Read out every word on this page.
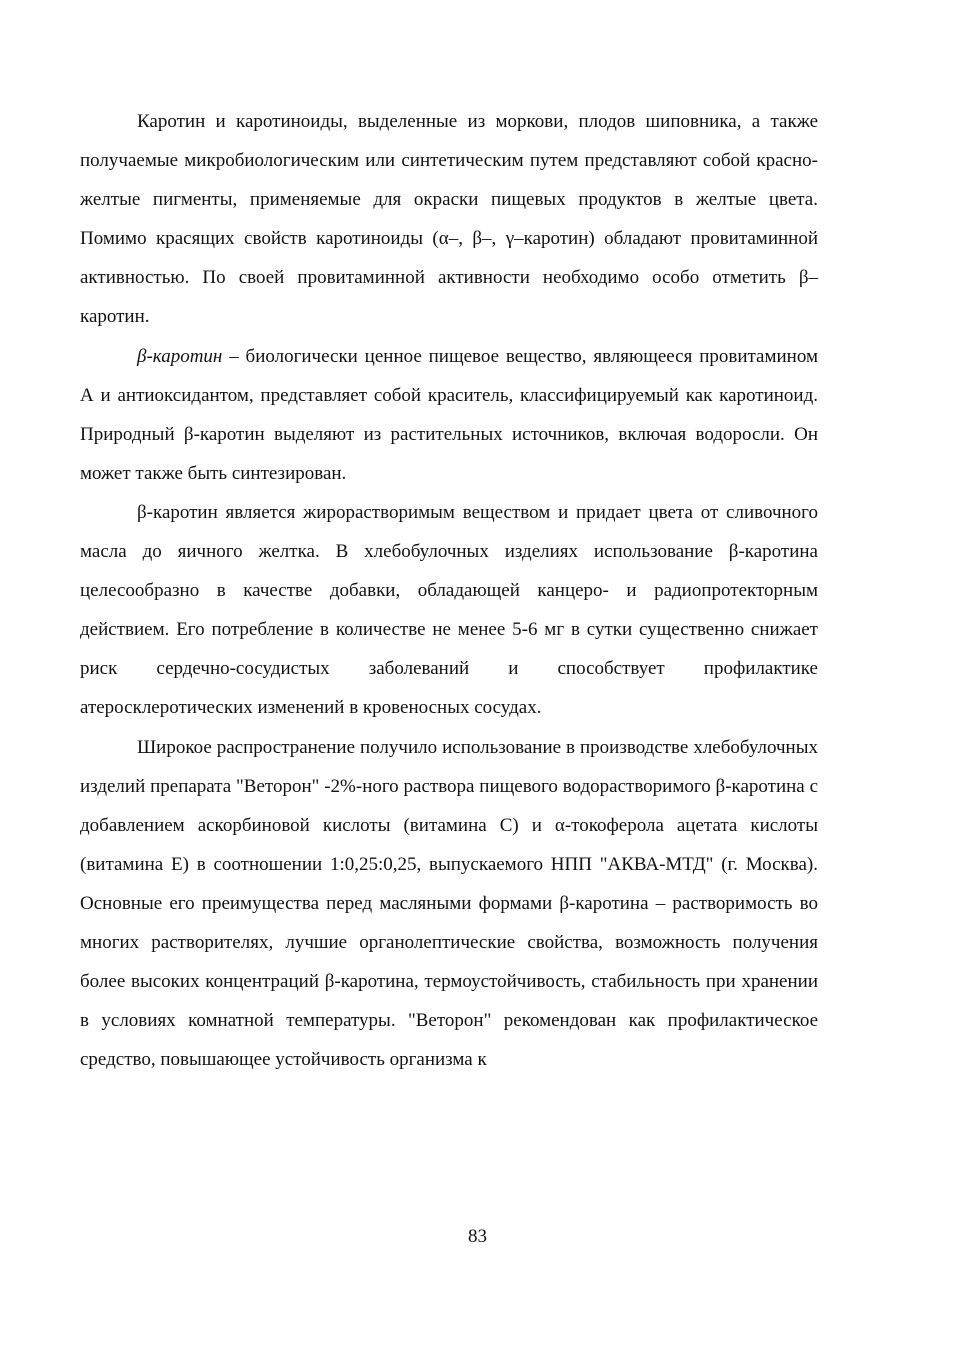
Каротин и каротиноиды, выделенные из моркови, плодов шиповника, а также получаемые микробиологическим или синтетическим путем представляют собой красно-желтые пигменты, применяемые для окраски пищевых продуктов в желтые цвета. Помимо красящих свойств каротиноиды (α–, β–, γ–каротин) обладают провитаминной активностью. По своей провитаминной активности необходимо особо отметить β–каротин.

β-каротин – биологически ценное пищевое вещество, являющееся провитамином А и антиоксидантом, представляет собой краситель, классифицируемый как каротиноид. Природный β-каротин выделяют из растительных источников, включая водоросли. Он может также быть синтезирован.

β-каротин является жирорастворимым веществом и придает цвета от сливочного масла до яичного желтка. В хлебобулочных изделиях использование β-каротина целесообразно в качестве добавки, обладающей канцеро- и радиопротекторным действием. Его потребление в количестве не менее 5-6 мг в сутки существенно снижает риск сердечно-сосудистых заболеваний и способствует профилактике атеросклеротических изменений в кровеносных сосудах.

Широкое распространение получило использование в производстве хлебобулочных изделий препарата "Веторон" -2%-ного раствора пищевого водорастворимого β-каротина с добавлением аскорбиновой кислоты (витамина С) и α-токоферола ацетата кислоты (витамина Е) в соотношении 1:0,25:0,25, выпускаемого НПП "АКВА-МТД" (г. Москва). Основные его преимущества перед масляными формами β-каротина – растворимость во многих растворителях, лучшие органолептические свойства, возможность получения более высоких концентраций β-каротина, термоустойчивость, стабильность при хранении в условиях комнатной температуры. "Веторон" рекомендован как профилактическое средство, повышающее устойчивость организма к

83
